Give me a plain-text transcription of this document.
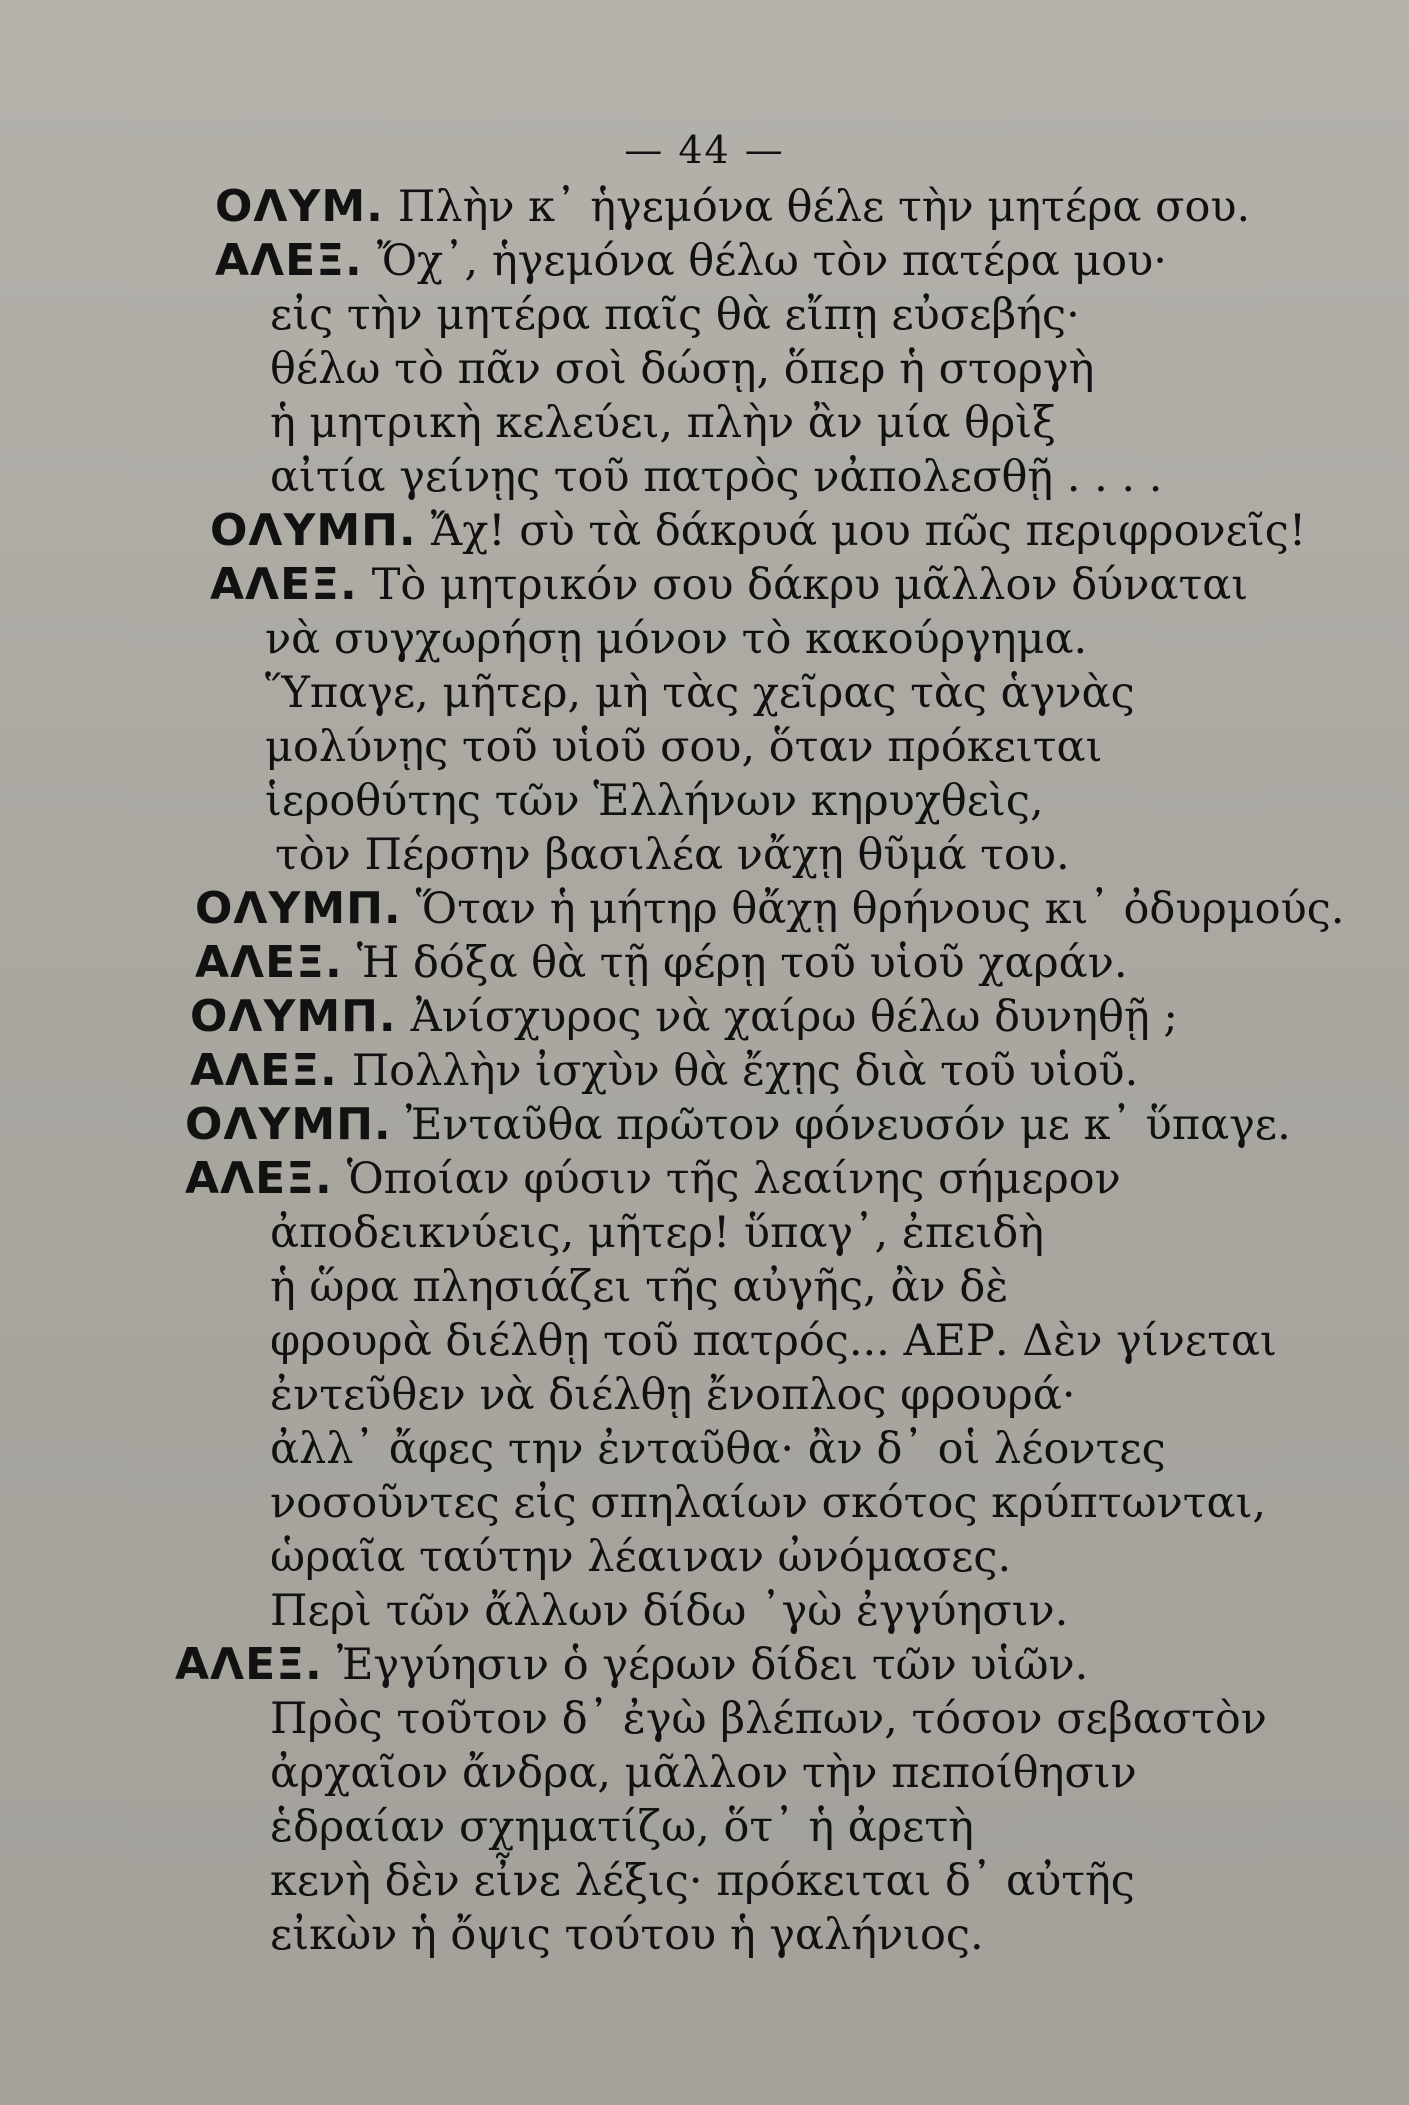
— 44 —
ΟΛΥΜ. Πλὴν κ᾽ ἡγεμόνα θέλε τὴν μητέρα σου.
ΑΛΕΞ. Ὄχ᾽, ἡγεμόνα θέλω τὸν πατέρα μου·
εἰς τὴν μητέρα παῖς θὰ εἴπῃ εὐσεβής·
θέλω τὸ πᾶν σοὶ δώσῃ, ὅπερ ἡ στοργὴ
ἡ μητρικὴ κελεύει, πλὴν ἂν μία θρὶξ
αἰτία γείνῃς τοῦ πατρὸς νἀπολεσθῇ . . . .
ΟΛΥΜΠ. Ἄχ! σὺ τὰ δάκρυά μου πῶς περιφρονεῖς!
ΑΛΕΞ. Τὸ μητρικόν σου δάκρυ μᾶλλον δύναται
νὰ συγχωρήσῃ μόνον τὸ κακούργημα.
Ὕπαγε, μῆτερ, μὴ τὰς χεῖρας τὰς ἁγνὰς
μολύνῃς τοῦ υἱοῦ σου, ὅταν πρόκειται
ἱεροθύτης τῶν Ἑλλήνων κηρυχθεὶς,
τὸν Πέρσην βασιλέα νἄχῃ θῦμά του.
ΟΛΥΜΠ. Ὅταν ἡ μήτηρ θἄχῃ θρήνους κι᾽ ὀδυρμούς.
ΑΛΕΞ. Ἡ δόξα θὰ τῇ φέρῃ τοῦ υἱοῦ χαράν.
ΟΛΥΜΠ. Ἀνίσχυρος νὰ χαίρω θέλω δυνηθῇ ;
ΑΛΕΞ. Πολλὴν ἰσχὺν θὰ ἔχῃς διὰ τοῦ υἱοῦ.
ΟΛΥΜΠ. Ἐνταῦθα πρῶτον φόνευσόν με κ᾽ ὕπαγε.
ΑΛΕΞ. Ὁποίαν φύσιν τῆς λεαίνης σήμερον
ἀποδεικνύεις, μῆτερ! ὕπαγ᾽, ἐπειδὴ
ἡ ὥρα πλησιάζει τῆς αὐγῆς, ἂν δὲ
φρουρὰ διέλθῃ τοῦ πατρός... ΑΕΡ. Δὲν γίνεται
ἐντεῦθεν νὰ διέλθῃ ἔνοπλος φρουρά·
ἀλλ᾽ ἄφες την ἐνταῦθα· ἂν δ᾽ οἱ λέοντες
νοσοῦντες εἰς σπηλαίων σκότος κρύπτωνται,
ὡραῖα ταύτην λέαιναν ὠνόμασες.
Περὶ τῶν ἄλλων δίδω ᾽γὼ ἐγγύησιν.
ΑΛΕΞ. Ἐγγύησιν ὁ γέρων δίδει τῶν υἱῶν.
Πρὸς τοῦτον δ᾽ ἐγὼ βλέπων, τόσον σεβαστὸν
ἀρχαῖον ἄνδρα, μᾶλλον τὴν πεποίθησιν
ἑδραίαν σχηματίζω, ὅτ᾽ ἡ ἀρετὴ
κενὴ δὲν εἶνε λέξις· πρόκειται δ᾽ αὐτῆς
εἰκὼν ἡ ὄψις τούτου ἡ γαλήνιος.
